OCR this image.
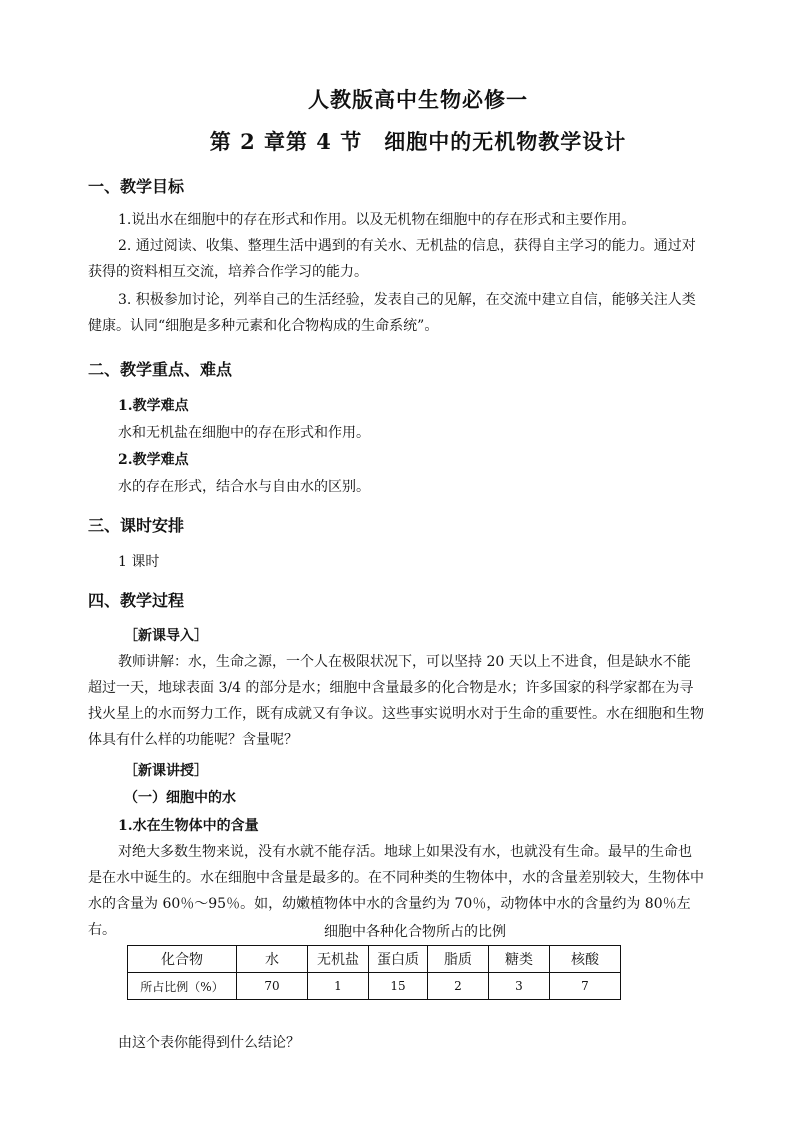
人教版高中生物必修一
第 2 章第 4 节　细胞中的无机物教学设计
一、教学目标
1.说出水在细胞中的存在形式和作用。以及无机物在细胞中的存在形式和主要作用。
2. 通过阅读、收集、整理生活中遇到的有关水、无机盐的信息，获得自主学习的能力。通过对获得的资料相互交流，培养合作学习的能力。
3. 积极参加讨论，列举自己的生活经验，发表自己的见解，在交流中建立自信，能够关注人类健康。认同“细胞是多种元素和化合物构成的生命系统”。
二、教学重点、难点
1.教学难点
水和无机盐在细胞中的存在形式和作用。
2.教学难点
水的存在形式，结合水与自由水的区别。
三、课时安排
1 课时
四、教学过程
［新课导入］
教师讲解：水，生命之源，一个人在极限状况下，可以坚持 20 天以上不进食，但是缺水不能超过一天，地球表面 3/4 的部分是水；细胞中含量最多的化合物是水；许多国家的科学家都在为寻找火星上的水而努力工作，既有成就又有争议。这些事实说明水对于生命的重要性。水在细胞和生物体具有什么样的功能呢？含量呢？
［新课讲授］
（一）细胞中的水
1.水在生物体中的含量
对绝大多数生物来说，没有水就不能存活。地球上如果没有水，也就没有生命。最早的生命也是在水中诞生的。水在细胞中含量是最多的。在不同种类的生物体中，水的含量差别较大，生物体中水的含量为 60％～95％。如，幼嫩植物体中水的含量约为 70％，动物体中水的含量约为 80％左右。	细胞中各种化合物所占的比例
化合物	水	无机盐	蛋白质	脂质	糖类	核酸
所占比例（%）	70	1	15	2	3	7
由这个表你能得到什么结论？
